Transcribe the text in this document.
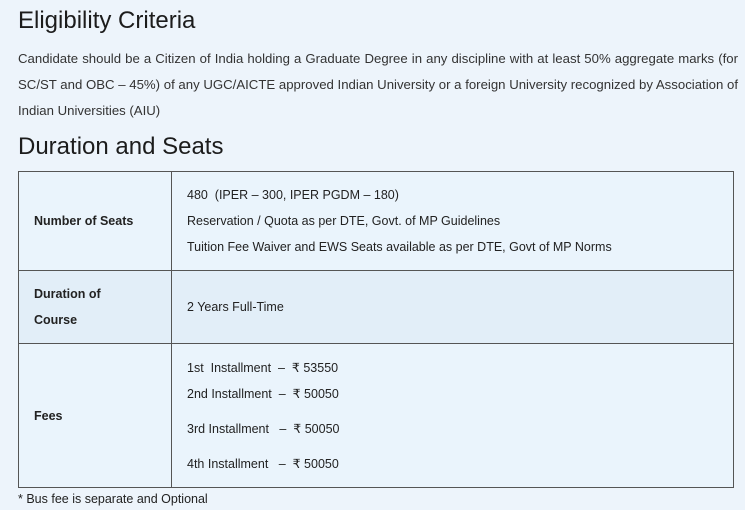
Eligibility Criteria

Candidate should be a Citizen of India holding a Graduate Degree in any discipline with at least 50% aggregate marks (for SC/ST and OBC – 45%) of any UGC/AICTE approved Indian University or a foreign University recognized by Association of Indian Universities (AIU)

Duration and Seats
Number of Seats	480  (IPER – 300, IPER PGDM – 180)
Reservation / Quota as per DTE, Govt. of MP Guidelines
Tuition Fee Waiver and EWS Seats available as per DTE, Govt of MP Norms

Duration of Course	2 Years Full-Time

Fees	1st  Installment  –  ₹ 53550
2nd Installment  –  ₹ 50050
3rd Installment   –  ₹ 50050
4th Installment   –  ₹ 50050
* Bus fee is separate and Optional
